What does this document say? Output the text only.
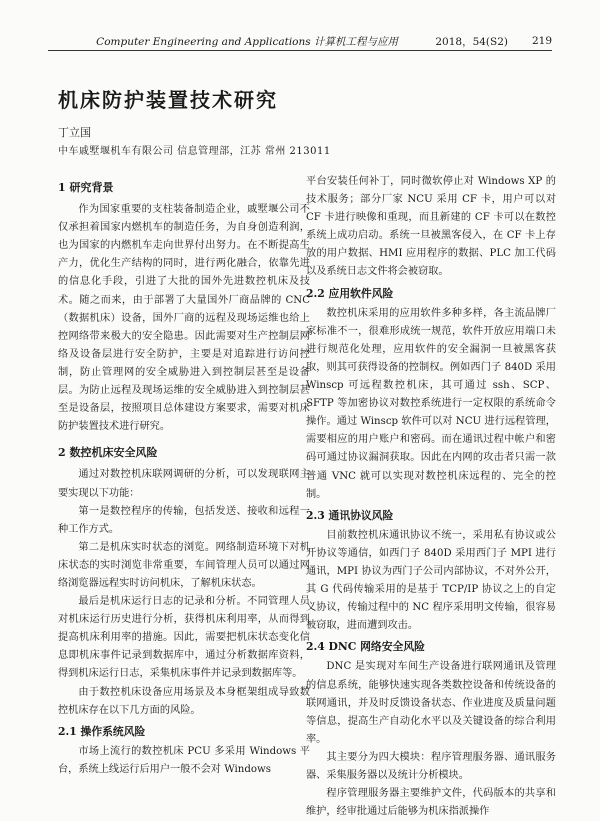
Computer Engineering and Applications 计算机工程与应用	2018，54(S2)	219
机床防护装置技术研究
丁立国
中车戚墅堰机车有限公司 信息管理部，江苏 常州 213011
1 研究背景

作为国家重要的支柱装备制造企业，戚墅堰公司不仅承担着国家内燃机车的制造任务，为自身创造利润，也为国家的内燃机车走向世界付出努力。在不断提高生产力，优化生产结构的同时，进行两化融合，依靠先进的信息化手段，引进了大批的国外先进数控机床及技术。随之而来，由于部署了大量国外厂商品牌的 CNC（数据机床）设备，国外厂商的远程及现场运维也给上控网络带来极大的安全隐患。因此需要对生产控制层网络及设备层进行安全防护，主要是对追踪进行访问控制，防止管理网的安全威胁进入到控制层甚至是设备层。为防止远程及现场运维的安全威胁进入到控制层甚至是设备层，按照项目总体建设方案要求，需要对机床防护装置技术进行研究。

2 数控机床安全风险

通过对数控机床联网调研的分析，可以发现联网主要实现以下功能：

第一是数控程序的传输，包括发送、接收和远程一种工作方式。

第二是机床实时状态的浏览。网络制造环境下对机床状态的实时浏览非常重要，车间管理人员可以通过网络浏览器远程实时访问机床，了解机床状态。

最后是机床运行日志的记录和分析。不同管理人员对机床运行历史进行分析，获得机床利用率，从而得到提高机床利用率的措施。因此，需要把机床状态变化信息即机床事件记录到数据库中，通过分析数据库资料，得到机床运行日志，采集机床事件并记录到数据库等。

由于数控机床设备应用场景及本身框架组成导致数控机床存在以下几方面的风险。

2.1 操作系统风险

市场上流行的数控机床 PCU 多采用 Windows 平台，系统上线运行后用户一般不会对 Windows

平台安装任何补丁，同时微软停止对 Windows XP 的技术服务；部分厂家 NCU 采用 CF 卡，用户可以对 CF 卡进行映像和重现，而且新建的 CF 卡可以在数控系统上成功启动。系统一旦被黑客侵入，在 CF 卡上存放的用户数据、HMI 应用程序的数据、PLC 加工代码以及系统日志文件将会被窃取。

2.2 应用软件风险

数控机床采用的应用软件多种多样，各主流品牌厂家标准不一，很难形成统一规范，软件开放应用端口未进行规范化处理，应用软件的安全漏洞一旦被黑客获取，则其可获得设备的控制权。例如西门子 840D 采用 Winscp 可远程数控机床，其可通过 ssh、SCP、SFTP 等加密协议对数控系统进行一定权限的系统命令操作。通过 Winscp 软件可以对 NCU 进行远程管理，需要相应的用户账户和密码。而在通讯过程中帐户和密码可通过协议漏洞获取。因此在内网的攻击者只需一款普通 VNC 就可以实现对数控机床远程的、完全的控制。

2.3 通讯协议风险

目前数控机床通讯协议不统一，采用私有协议或公开协议等通信，如西门子 840D 采用西门子 MPI 进行通讯，MPI 协议为西门子公司内部协议，不对外公开，其 G 代码传输采用的是基于 TCP/IP 协议之上的自定义协议，传输过程中的 NC 程序采用明文传输，很容易被窃取，进而遭到攻击。

2.4 DNC 网络安全风险

DNC 是实现对车间生产设备进行联网通讯及管理的信息系统，能够快速实现各类数控设备和传统设备的联网通讯，并及时反馈设备状态、作业进度及质量问题等信息，提高生产自动化水平以及关键设备的综合利用率。

其主要分为四大模块：程序管理服务器、通讯服务器、采集服务器以及统计分析模块。

程序管理服务器主要维护文件，代码版本的共享和维护，经审批通过后能够为机床指派操作
